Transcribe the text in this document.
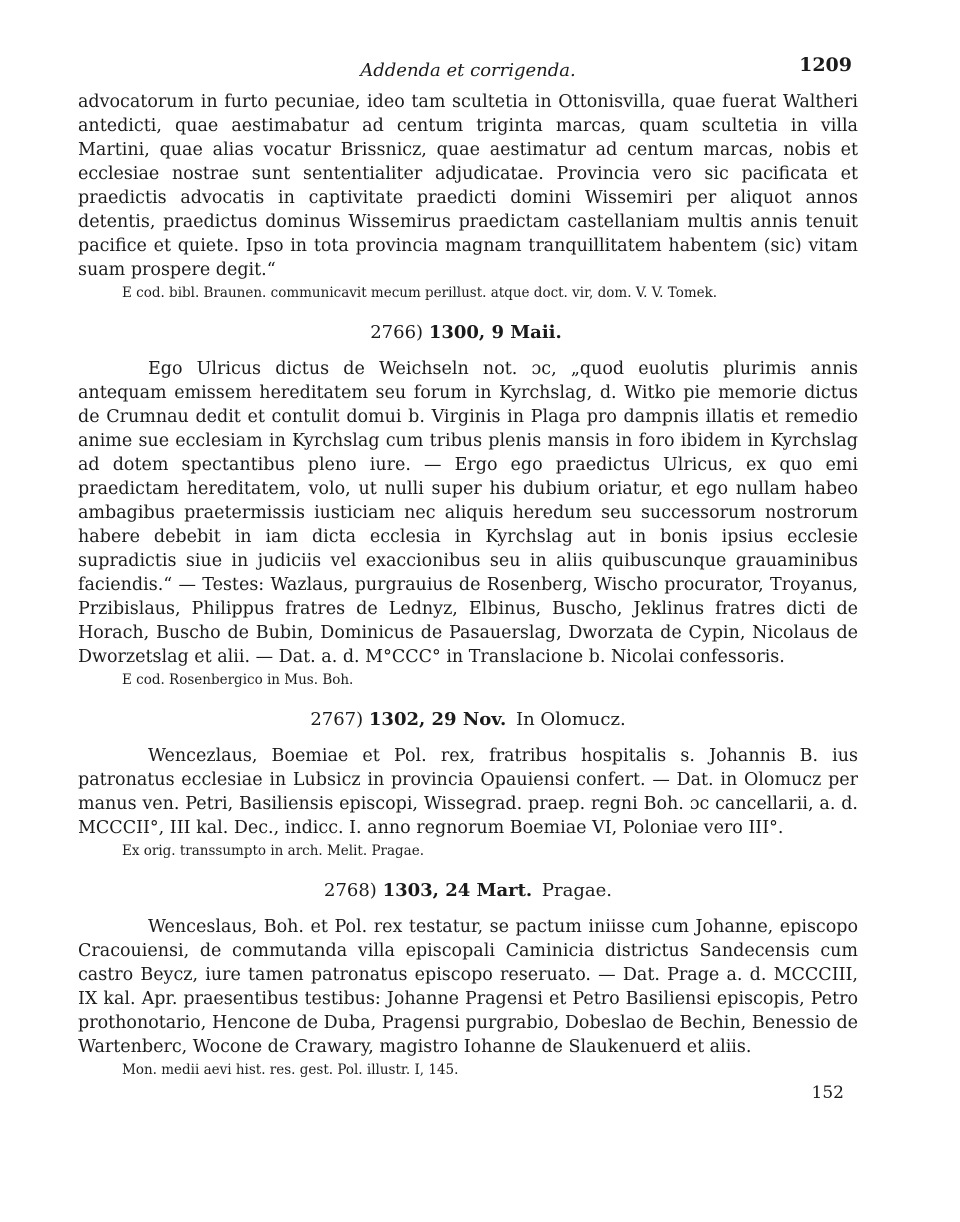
Addenda et corrigenda.	1209

advocatorum in furto pecuniae, ideo tam scultetia in Ottonisvilla, quae fuerat Waltheri antedicti, quae aestimabatur ad centum triginta marcas, quam scultetia in villa Martini, quae alias vocatur Brissnicz, quae aestimatur ad centum marcas, nobis et ecclesiae nostrae sunt sententialiter adjudicatae. Provincia vero sic pacificata et praedictis advocatis in captivitate praedicti domini Wissemiri per aliquot annos detentis, praedictus dominus Wissemirus praedictam castellaniam multis annis tenuit pacifice et quiete. Ipso in tota provincia magnam tranquillitatem habentem (sic) vitam suam prospere degit.“

E cod. bibl. Braunen. communicavit mecum perillust. atque doct. vir, dom. V. V. Tomek.
2766) 1300, 9 Maii.

Ego Ulricus dictus de Weichseln not. ɔc, „quod euolutis plurimis annis antequam emissem hereditatem seu forum in Kyrchslag, d. Witko pie memorie dictus de Crumnau dedit et contulit domui b. Virginis in Plaga pro dampnis illatis et remedio anime sue ecclesiam in Kyrchslag cum tribus plenis mansis in foro ibidem in Kyrchslag ad dotem spectantibus pleno iure. — Ergo ego praedictus Ulricus, ex quo emi praedictam hereditatem, volo, ut nulli super his dubium oriatur, et ego nullam habeo ambagibus praetermissis iusticiam nec aliquis heredum seu successorum nostrorum habere debebit in iam dicta ecclesia in Kyrchslag aut in bonis ipsius ecclesie supradictis siue in judiciis vel exaccionibus seu in aliis quibuscunque grauaminibus faciendis.“ — Testes: Wazlaus, purgrauius de Rosenberg, Wischo procurator, Troyanus, Przibislaus, Philippus fratres de Lednyz, Elbinus, Buscho, Jeklinus fratres dicti de Horach, Buscho de Bubin, Dominicus de Pasauerslag, Dworzata de Cypin, Nicolaus de Dworzetslag et alii. — Dat. a. d. M°CCC° in Translacione b. Nicolai confessoris.

E cod. Rosenbergico in Mus. Boh.
2767) 1302, 29 Nov. In Olomucz.

Wencezlaus, Boemiae et Pol. rex, fratribus hospitalis s. Johannis B. ius patronatus ecclesiae in Lubsicz in provincia Opauiensi confert. — Dat. in Olomucz per manus ven. Petri, Basiliensis episcopi, Wissegrad. praep. regni Boh. ɔc cancellarii, a. d. MCCCII°, III kal. Dec., indicc. I. anno regnorum Boemiae VI, Poloniae vero III°.

Ex orig. transsumpto in arch. Melit. Pragae.
2768) 1303, 24 Mart. Pragae.

Wenceslaus, Boh. et Pol. rex testatur, se pactum iniisse cum Johanne, episcopo Cracouiensi, de commutanda villa episcopali Caminicia districtus Sandecensis cum castro Beycz, iure tamen patronatus episcopo reseruato. — Dat. Prage a. d. MCCCIII, IX kal. Apr. praesentibus testibus: Johanne Pragensi et Petro Basiliensi episcopis, Petro prothonotario, Hencone de Duba, Pragensi purgrabio, Dobeslao de Bechin, Benessio de Wartenberc, Wocone de Crawary, magistro Iohanne de Slaukenuerd et aliis.

Mon. medii aevi hist. res. gest. Pol. illustr. I, 145.
152
